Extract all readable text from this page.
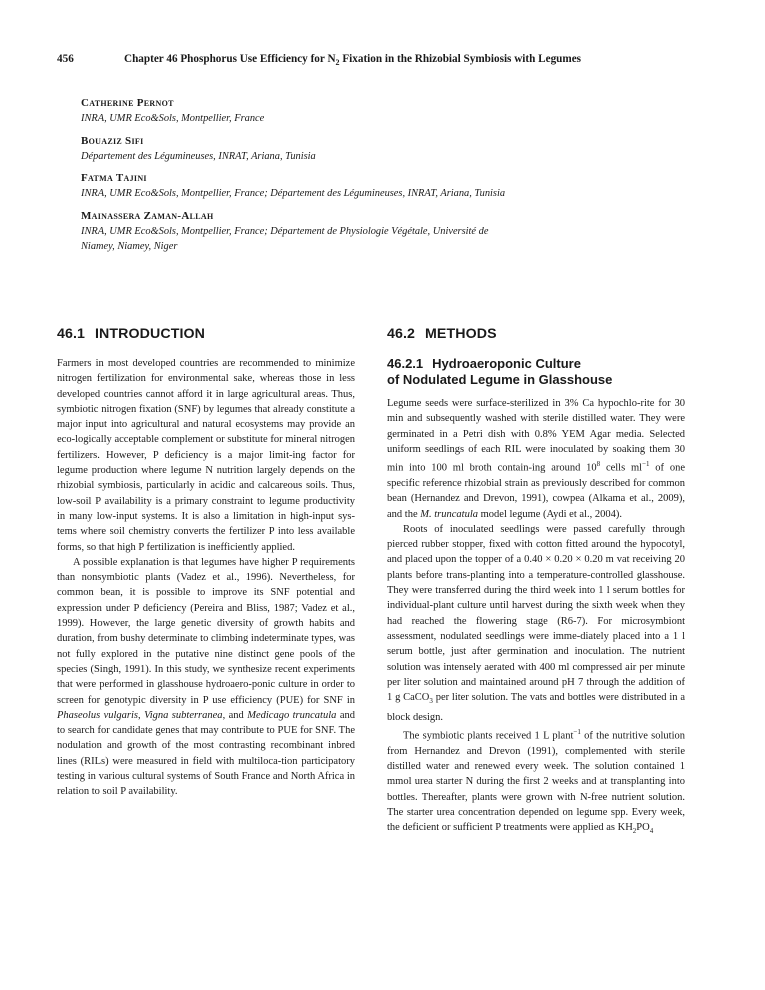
456	Chapter 46 Phosphorus Use Efficiency for $N_2$ Fixation in the Rhizobial Symbiosis with Legumes
Catherine Pernot
INRA, UMR Eco&Sols, Montpellier, France
Bouaziz Sifi
Département des Légumineuses, INRAT, Ariana, Tunisia
Fatma Tajini
INRA, UMR Eco&Sols, Montpellier, France; Département des Légumineuses, INRAT, Ariana, Tunisia
Mainassera Zaman-Allah
INRA, UMR Eco&Sols, Montpellier, France; Département de Physiologie Végétale, Université de Niamey, Niamey, Niger
46.1 INTRODUCTION

Farmers in most developed countries are recommended to minimize nitrogen fertilization for environmental sake, whereas those in less developed countries cannot afford it in large agricultural areas. Thus, symbiotic nitrogen fixation (SNF) by legumes that already constitute a major input into agricultural and natural ecosystems may provide an eco-logically acceptable complement or substitute for mineral nitrogen fertilizers. However, P deficiency is a major limit-ing factor for legume production where legume N nutrition largely depends on the rhizobial symbiosis, particularly in acidic and calcareous soils. Thus, low-soil P availability is a primary constraint to legume productivity in many low-input systems. It is also a limitation in high-input sys-tems where soil chemistry converts the fertilizer P into less available forms, so that high P fertilization is inefficiently applied.

A possible explanation is that legumes have higher P requirements than nonsymbiotic plants (Vadez et al., 1996). Nevertheless, for common bean, it is possible to improve its SNF potential and expression under P deficiency (Pereira and Bliss, 1987; Vadez et al., 1999). However, the large genetic diversity of growth habits and duration, from bushy determinate to climbing indeterminate types, was not fully explored in the putative nine distinct gene pools of the species (Singh, 1991). In this study, we synthesize recent experiments that were performed in glasshouse hydroaero-ponic culture in order to screen for genotypic diversity in P use efficiency (PUE) for SNF in Phaseolus vulgaris, Vigna subterranea, and Medicago truncatula and to search for candidate genes that may contribute to PUE for SNF. The nodulation and growth of the most contrasting recombinant inbred lines (RILs) were measured in field with multiloca-tion participatory testing in various cultural systems of South France and North Africa in relation to soil P availability.

46.2 METHODS
46.2.1 Hydroaeroponic Culture
of Nodulated Legume in Glasshouse

Legume seeds were surface-sterilized in 3% Ca hypochlo-rite for 30 min and subsequently washed with sterile distilled water. They were germinated in a Petri dish with 0.8% YEM Agar media. Selected uniform seedlings of each RIL were inoculated by soaking them 30 min into 100 ml broth contain-ing around $10^8$ cells $ml^{-1}$ of one specific reference rhizobial strain as previously described for common bean (Hernandez and Drevon, 1991), cowpea (Alkama et al., 2009), and the M. truncatula model legume (Aydi et al., 2004).

Roots of inoculated seedlings were passed carefully through pierced rubber stopper, fixed with cotton fitted around the hypocotyl, and placed upon the topper of a 0.40 × 0.20 × 0.20 m vat receiving 20 plants before trans-planting into a temperature-controlled glasshouse. They were transferred during the third week into 1 l serum bottles for individual-plant culture until harvest during the sixth week when they had reached the flowering stage (R6-7). For microsymbiont assessment, nodulated seedlings were imme-diately placed into a 1 l serum bottle, just after germination and inoculation. The nutrient solution was intensely aerated with 400 ml compressed air per minute per liter solution and maintained around pH 7 through the addition of 1 g CaCO$_3$ per liter solution. The vats and bottles were distributed in a block design.

The symbiotic plants received 1 L plant$^{-1}$ of the nutritive solution from Hernandez and Drevon (1991), complemented with sterile distilled water and renewed every week. The solution contained 1 mmol urea starter N during the first 2 weeks and at transplanting into bottles. Thereafter, plants were grown with N-free nutrient solution. The starter urea concentration depended on legume spp. Every week, the deficient or sufficient P treatments were applied as $KH_2PO_4$
